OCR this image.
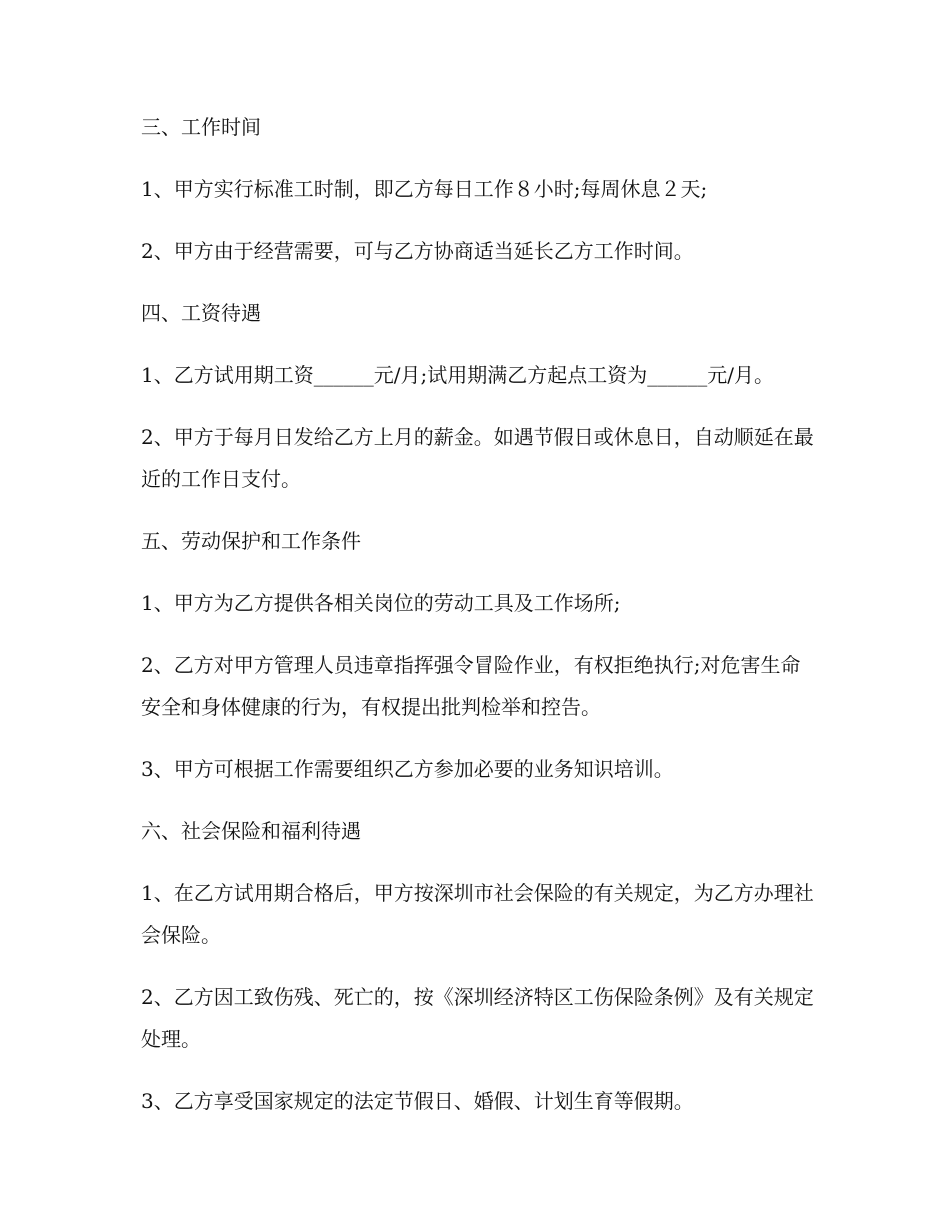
三、工作时间

1、甲方实行标准工时制，即乙方每日工作８小时;每周休息２天;

2、甲方由于经营需要，可与乙方协商适当延长乙方工作时间。

四、工资待遇

1、乙方试用期工资______元/月;试用期满乙方起点工资为______元/月。

2、甲方于每月日发给乙方上月的薪金。如遇节假日或休息日，自动顺延在最近的工作日支付。

五、劳动保护和工作条件

1、甲方为乙方提供各相关岗位的劳动工具及工作场所;

2、乙方对甲方管理人员违章指挥强令冒险作业，有权拒绝执行;对危害生命安全和身体健康的行为，有权提出批判检举和控告。

3、甲方可根据工作需要组织乙方参加必要的业务知识培训。

六、社会保险和福利待遇

1、在乙方试用期合格后，甲方按深圳市社会保险的有关规定，为乙方办理社会保险。

2、乙方因工致伤残、死亡的，按《深圳经济特区工伤保险条例》及有关规定处理。

3、乙方享受国家规定的法定节假日、婚假、计划生育等假期。
